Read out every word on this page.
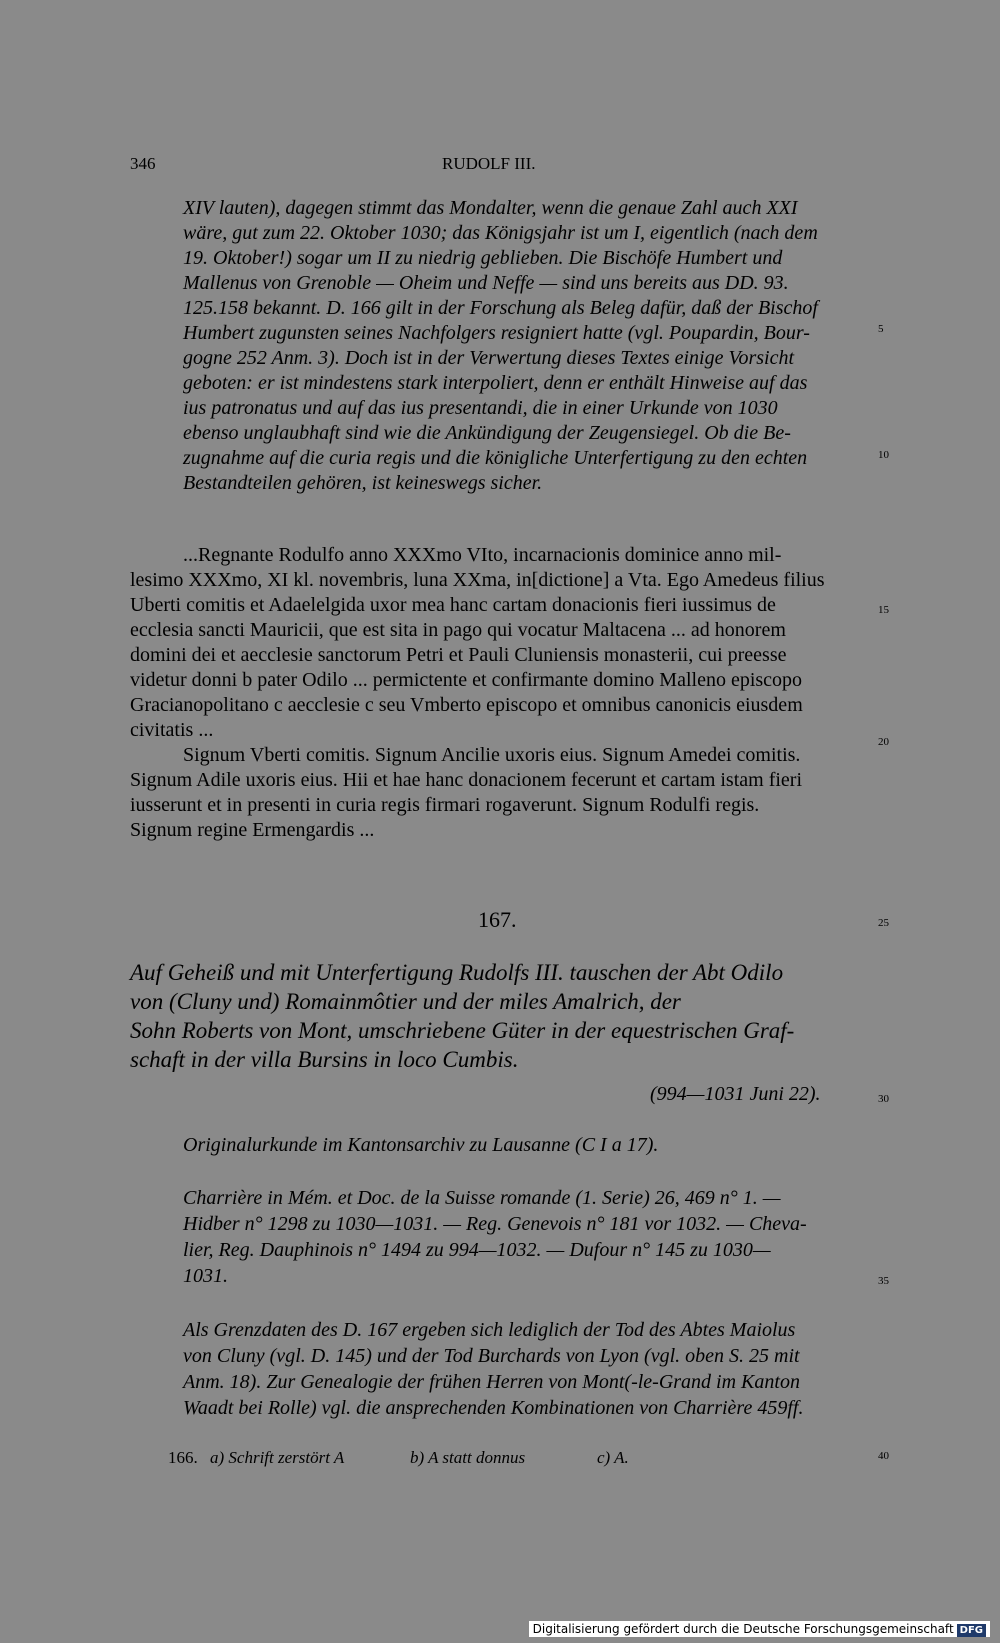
346	RUDOLF III.
XIV lauten), dagegen stimmt das Mondalter, wenn die genaue Zahl auch XXI
wäre, gut zum 22. Oktober 1030; das Königsjahr ist um I, eigentlich (nach dem
19. Oktober!) sogar um II zu niedrig geblieben. Die Bischöfe Humbert und
Mallenus von Grenoble — Oheim und Neffe — sind uns bereits aus DD. 93.
125.158 bekannt. D. 166 gilt in der Forschung als Beleg dafür, daß der Bischof
Humbert zugunsten seines Nachfolgers resigniert hatte (vgl. Poupardin, Bour-
gogne 252 Anm. 3). Doch ist in der Verwertung dieses Textes einige Vorsicht
geboten: er ist mindestens stark interpoliert, denn er enthält Hinweise auf das
ius patronatus und auf das ius presentandi, die in einer Urkunde von 1030
ebenso unglaubhaft sind wie die Ankündigung der Zeugensiegel. Ob die Be-
zugnahme auf die curia regis und die königliche Unterfertigung zu den echten
Bestandteilen gehören, ist keineswegs sicher.
...Regnante Rodulfo anno XXXmo VIto, incarnacionis dominice anno mil-
lesimo XXXmo, XI kl. novembris, luna XXma, in[dictione] a Vta. Ego Amedeus filius
Uberti comitis et Adaelelgida uxor mea hanc cartam donacionis fieri iussimus de
ecclesia sancti Mauricii, que est sita in pago qui vocatur Maltacena ... ad honorem
domini dei et aecclesie sanctorum Petri et Pauli Cluniensis monasterii, cui preesse
videtur donni b pater Odilo ... permictente et confirmante domino Malleno episcopo
Gracianopolitano c aecclesie c seu Vmberto episcopo et omnibus canonicis eiusdem
civitatis ...
Signum Vberti comitis. Signum Ancilie uxoris eius. Signum Amedei comitis.
Signum Adile uxoris eius. Hii et hae hanc donacionem fecerunt et cartam istam fieri
iusserunt et in presenti in curia regis firmari rogaverunt. Signum Rodulfi regis.
Signum regine Ermengardis ...
167.
Auf Geheiß und mit Unterfertigung Rudolfs III. tauschen der Abt Odilo
von (Cluny und) Romainmôtier und der miles Amalrich, der
Sohn Roberts von Mont, umschriebene Güter in der equestrischen Graf-
schaft in der villa Bursins in loco Cumbis.
(994—1031 Juni 22).
Originalurkunde im Kantonsarchiv zu Lausanne (C I a 17).
Charrière in Mém. et Doc. de la Suisse romande (1. Serie) 26, 469 n° 1. —
Hidber n° 1298 zu 1030—1031. — Reg. Genevois n° 181 vor 1032. — Cheva-
lier, Reg. Dauphinois n° 1494 zu 994—1032. — Dufour n° 145 zu 1030—
1031.
Als Grenzdaten des D. 167 ergeben sich lediglich der Tod des Abtes Maiolus
von Cluny (vgl. D. 145) und der Tod Burchards von Lyon (vgl. oben S. 25 mit
Anm. 18). Zur Genealogie der frühen Herren von Mont(-le-Grand im Kanton
Waadt bei Rolle) vgl. die ansprechenden Kombinationen von Charrière 459ff.
166. a) Schrift zerstört A	b) A statt donnus	c) A.
5
10
15
20
25
30
35
40
Digitalisierung gefördert durch die Deutsche Forschungsgemeinschaft DFG
